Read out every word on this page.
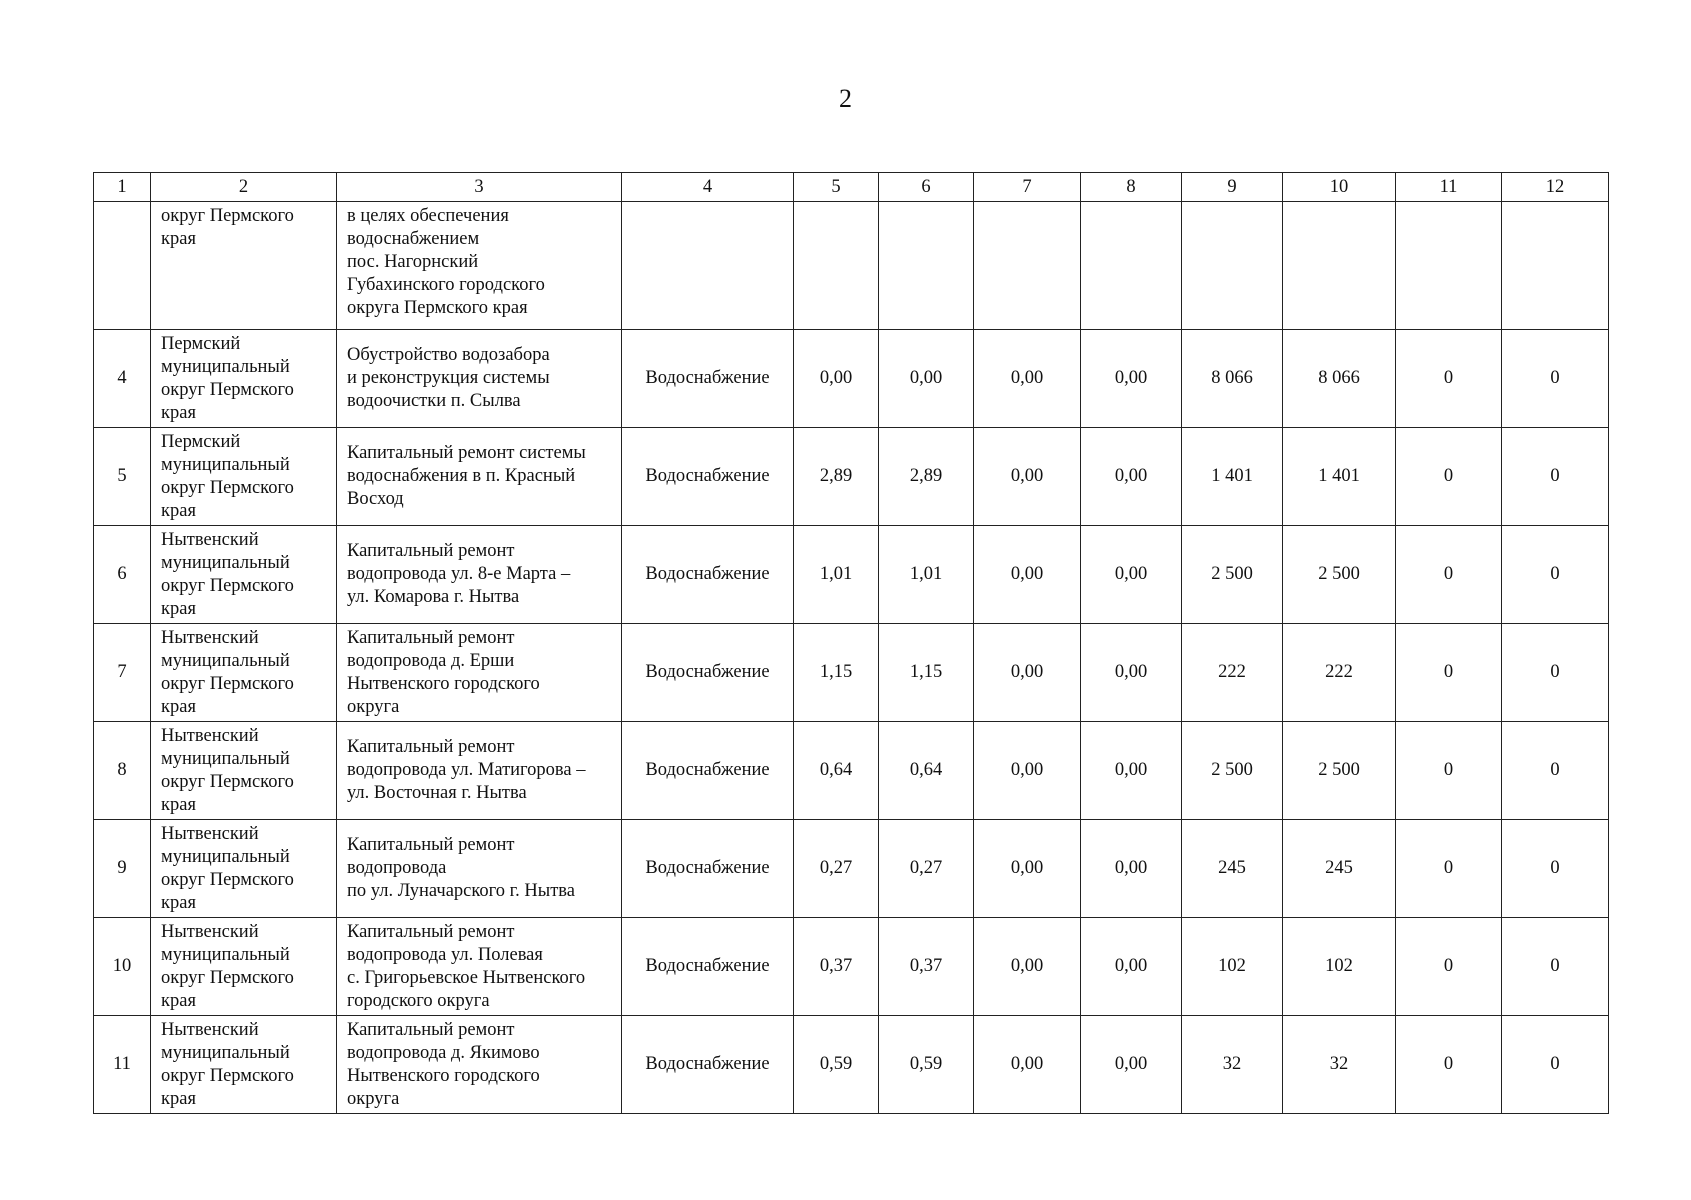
2
1	2	3	4	5	6	7	8	9	10	11	12
	округ Пермского
края	в целях обеспечения
водоснабжением
пос. Нагорнский
Губахинского городского
округа Пермского края									
4	Пермский
муниципальный
округ Пермского
края	Обустройство водозабора
и реконструкция системы
водоочистки п. Сылва	Водоснабжение	0,00	0,00	0,00	0,00	8 066	8 066	0	0
5	Пермский
муниципальный
округ Пермского
края	Капитальный ремонт системы
водоснабжения в п. Красный
Восход	Водоснабжение	2,89	2,89	0,00	0,00	1 401	1 401	0	0
6	Нытвенский
муниципальный
округ Пермского
края	Капитальный ремонт
водопровода ул. 8-е Марта –
ул. Комарова г. Нытва	Водоснабжение	1,01	1,01	0,00	0,00	2 500	2 500	0	0
7	Нытвенский
муниципальный
округ Пермского
края	Капитальный ремонт
водопровода д. Ерши
Нытвенского городского
округа	Водоснабжение	1,15	1,15	0,00	0,00	222	222	0	0
8	Нытвенский
муниципальный
округ Пермского
края	Капитальный ремонт
водопровода ул. Матигорова –
ул. Восточная г. Нытва	Водоснабжение	0,64	0,64	0,00	0,00	2 500	2 500	0	0
9	Нытвенский
муниципальный
округ Пермского
края	Капитальный ремонт
водопровода
по ул. Луначарского г. Нытва	Водоснабжение	0,27	0,27	0,00	0,00	245	245	0	0
10	Нытвенский
муниципальный
округ Пермского
края	Капитальный ремонт
водопровода ул. Полевая
с. Григорьевское Нытвенского
городского округа	Водоснабжение	0,37	0,37	0,00	0,00	102	102	0	0
11	Нытвенский
муниципальный
округ Пермского
края	Капитальный ремонт
водопровода д. Якимово
Нытвенского городского
округа	Водоснабжение	0,59	0,59	0,00	0,00	32	32	0	0
